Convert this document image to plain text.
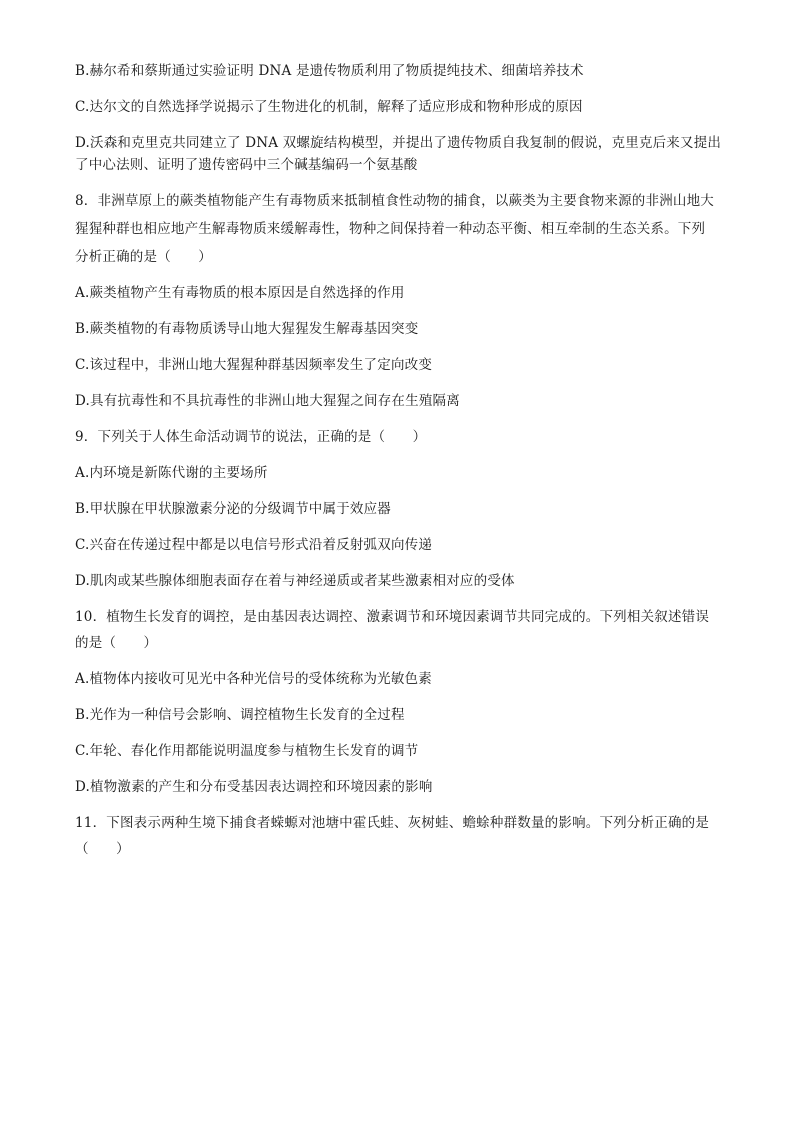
B.赫尔希和蔡斯通过实验证明 DNA 是遗传物质利用了物质提纯技术、细菌培养技术
C.达尔文的自然选择学说揭示了生物进化的机制，解释了适应形成和物种形成的原因
D.沃森和克里克共同建立了 DNA 双螺旋结构模型，并提出了遗传物质自我复制的假说，克里克后来又提出
了中心法则、证明了遗传密码中三个碱基编码一个氨基酸
8．非洲草原上的蕨类植物能产生有毒物质来抵制植食性动物的捕食，以蕨类为主要食物来源的非洲山地大
猩猩种群也相应地产生解毒物质来缓解毒性，物种之间保持着一种动态平衡、相互牵制的生态关系。下列
分析正确的是（　　）
A.蕨类植物产生有毒物质的根本原因是自然选择的作用
B.蕨类植物的有毒物质诱导山地大猩猩发生解毒基因突变
C.该过程中，非洲山地大猩猩种群基因频率发生了定向改变
D.具有抗毒性和不具抗毒性的非洲山地大猩猩之间存在生殖隔离
9．下列关于人体生命活动调节的说法，正确的是（　　）
A.内环境是新陈代谢的主要场所
B.甲状腺在甲状腺激素分泌的分级调节中属于效应器
C.兴奋在传递过程中都是以电信号形式沿着反射弧双向传递
D.肌肉或某些腺体细胞表面存在着与神经递质或者某些激素相对应的受体
10．植物生长发育的调控，是由基因表达调控、激素调节和环境因素调节共同完成的。下列相关叙述错误
的是（　　）
A.植物体内接收可见光中各种光信号的受体统称为光敏色素
B.光作为一种信号会影响、调控植物生长发育的全过程
C.年轮、春化作用都能说明温度参与植物生长发育的调节
D.植物激素的产生和分布受基因表达调控和环境因素的影响
11．下图表示两种生境下捕食者蝾螈对池塘中霍氏蛙、灰树蛙、蟾蜍种群数量的影响。下列分析正确的是
（　　）
